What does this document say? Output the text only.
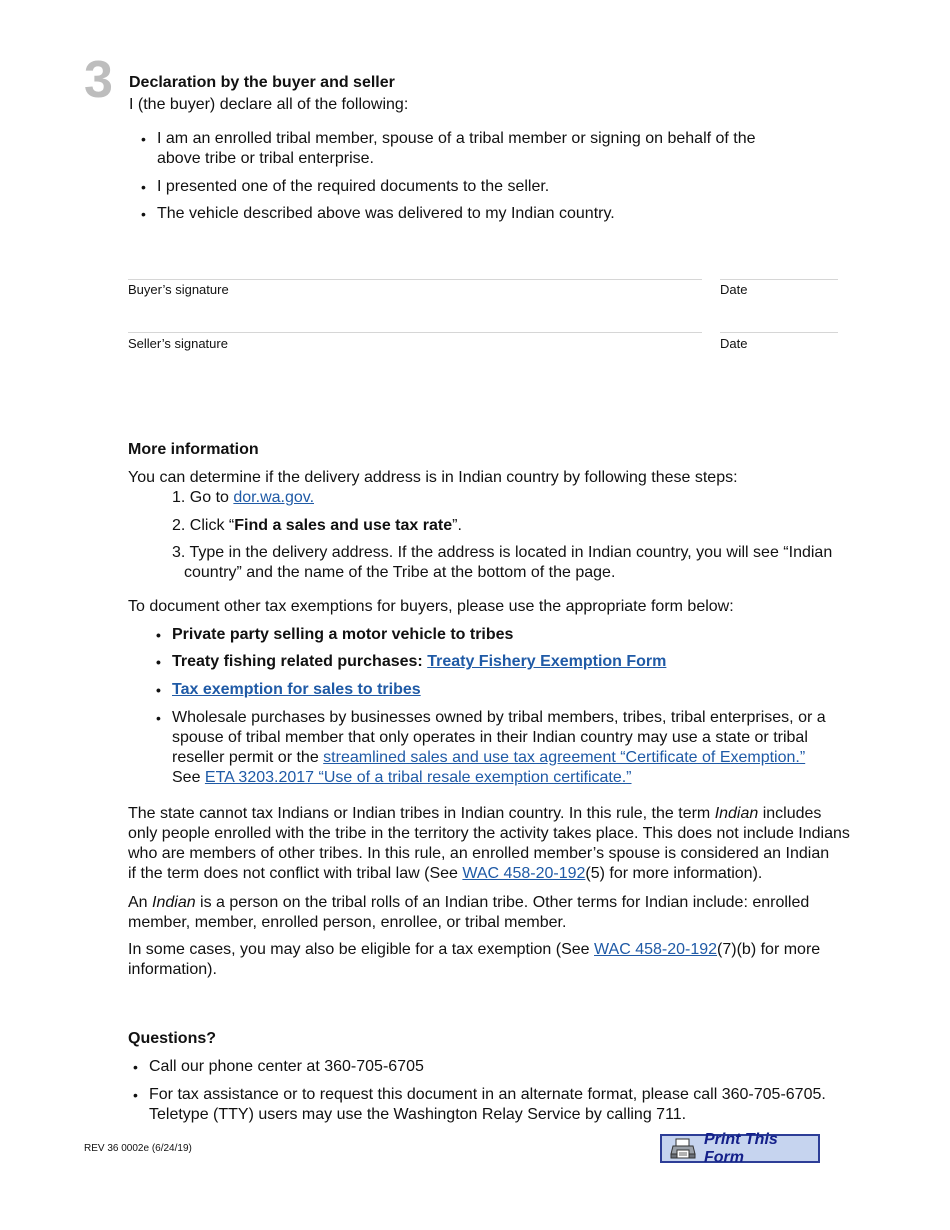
3 Declaration by the buyer and seller
I (the buyer) declare all of the following:
• I am an enrolled tribal member, spouse of a tribal member or signing on behalf of the
above tribe or tribal enterprise.
• I presented one of the required documents to the seller.
• The vehicle described above was delivered to my Indian country.
Buyer’s signature	Date
Seller’s signature	Date
More information
You can determine if the delivery address is in Indian country by following these steps:
1. Go to dor.wa.gov.
2. Click “Find a sales and use tax rate”.
3. Type in the delivery address. If the address is located in Indian country, you will see “Indian
country” and the name of the Tribe at the bottom of the page.
To document other tax exemptions for buyers, please use the appropriate form below:
• Private party selling a motor vehicle to tribes
• Treaty fishing related purchases: Treaty Fishery Exemption Form
• Tax exemption for sales to tribes
• Wholesale purchases by businesses owned by tribal members, tribes, tribal enterprises, or a
spouse of tribal member that only operates in their Indian country may use a state or tribal
reseller permit or the streamlined sales and use tax agreement “Certificate of Exemption.”
See ETA 3203.2017 “Use of a tribal resale exemption certificate.”
The state cannot tax Indians or Indian tribes in Indian country. In this rule, the term Indian includes
only people enrolled with the tribe in the territory the activity takes place. This does not include Indians
who are members of other tribes. In this rule, an enrolled member’s spouse is considered an Indian
if the term does not conflict with tribal law (See WAC 458-20-192(5) for more information).
An Indian is a person on the tribal rolls of an Indian tribe. Other terms for Indian include: enrolled
member, member, enrolled person, enrollee, or tribal member.
In some cases, you may also be eligible for a tax exemption (See WAC 458-20-192(7)(b) for more
information).
Questions?
• Call our phone center at 360-705-6705
• For tax assistance or to request this document in an alternate format, please call 360-705-6705.
Teletype (TTY) users may use the Washington Relay Service by calling 711.
REV 36 0002e (6/24/19)
Print This Form
